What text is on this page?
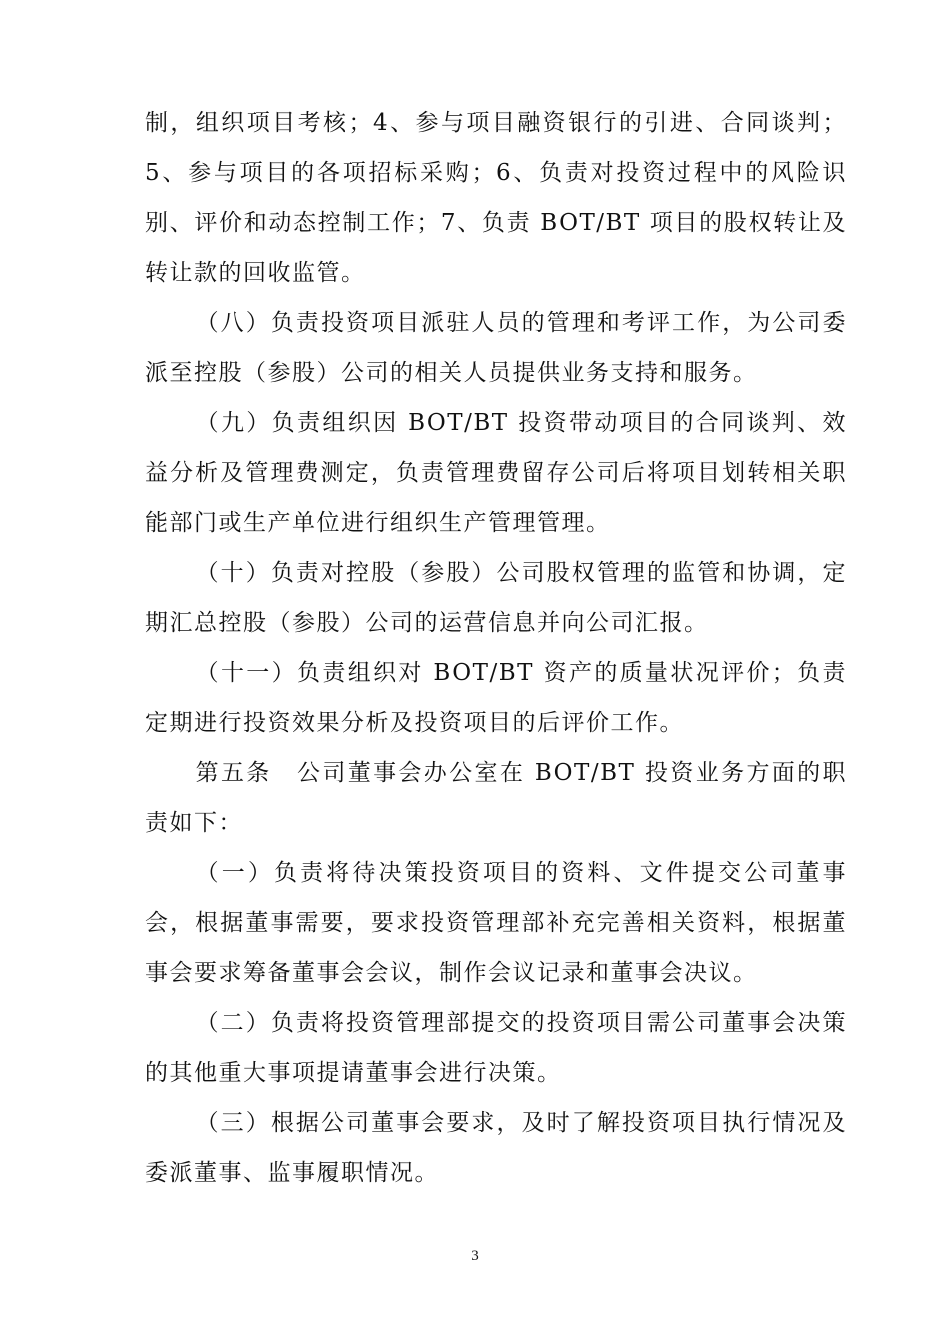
制，组织项目考核；4、参与项目融资银行的引进、合同谈判；5、参与项目的各项招标采购；6、负责对投资过程中的风险识别、评价和动态控制工作；7、负责 BOT/BT 项目的股权转让及转让款的回收监管。

（八）负责投资项目派驻人员的管理和考评工作，为公司委派至控股（参股）公司的相关人员提供业务支持和服务。

（九）负责组织因 BOT/BT 投资带动项目的合同谈判、效益分析及管理费测定，负责管理费留存公司后将项目划转相关职能部门或生产单位进行组织生产管理管理。

（十）负责对控股（参股）公司股权管理的监管和协调，定期汇总控股（参股）公司的运营信息并向公司汇报。

（十一）负责组织对 BOT/BT 资产的质量状况评价；负责定期进行投资效果分析及投资项目的后评价工作。

第五条　公司董事会办公室在 BOT/BT 投资业务方面的职责如下：

（一）负责将待决策投资项目的资料、文件提交公司董事会，根据董事需要，要求投资管理部补充完善相关资料，根据董事会要求筹备董事会会议，制作会议记录和董事会决议。

（二）负责将投资管理部提交的投资项目需公司董事会决策的其他重大事项提请董事会进行决策。

（三）根据公司董事会要求，及时了解投资项目执行情况及委派董事、监事履职情况。

3
